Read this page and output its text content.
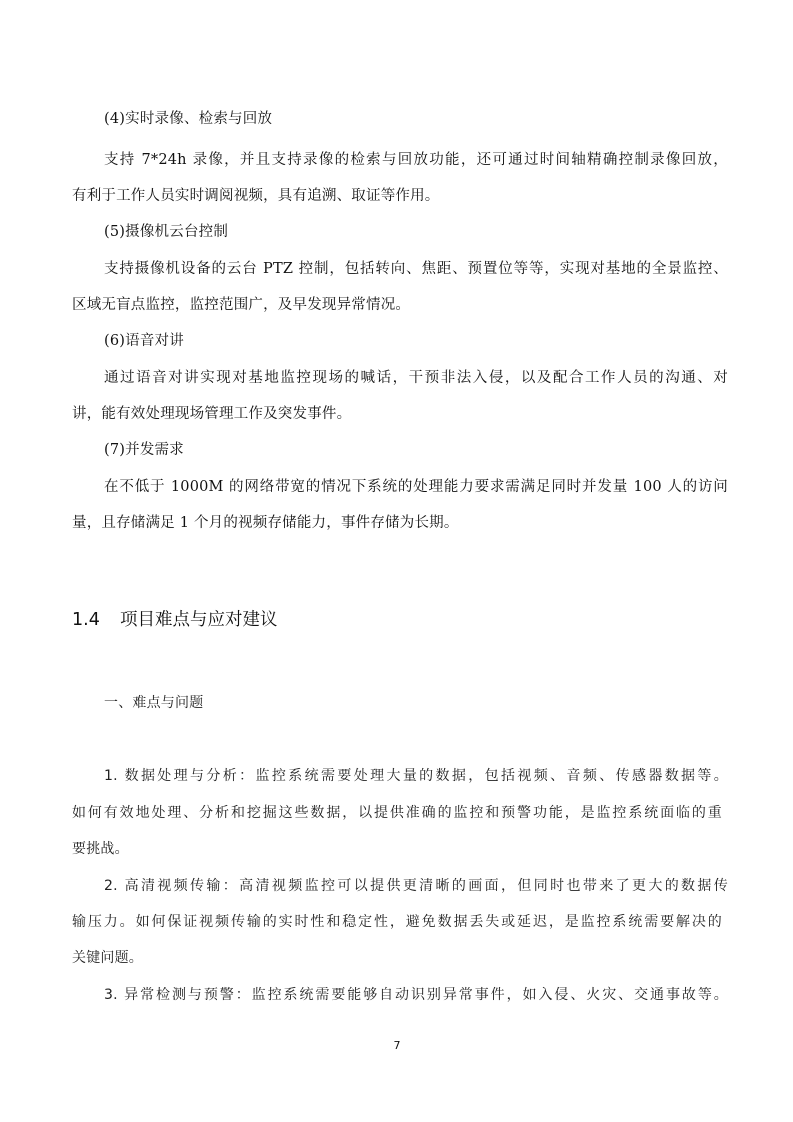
(4)实时录像、检索与回放
支持 7*24h 录像，并且支持录像的检索与回放功能，还可通过时间轴精确控制录像回放，
有利于工作人员实时调阅视频，具有追溯、取证等作用。
(5)摄像机云台控制
支持摄像机设备的云台 PTZ 控制，包括转向、焦距、预置位等等，实现对基地的全景监控、
区域无盲点监控，监控范围广，及早发现异常情况。
(6)语音对讲
通过语音对讲实现对基地监控现场的喊话，干预非法入侵，以及配合工作人员的沟通、对
讲，能有效处理现场管理工作及突发事件。
(7)并发需求
在不低于 1000M 的网络带宽的情况下系统的处理能力要求需满足同时并发量 100 人的访问
量，且存储满足 1 个月的视频存储能力，事件存储为长期。
1.4 项目难点与应对建议
一、难点与问题
1. 数据处理与分析：监控系统需要处理大量的数据，包括视频、音频、传感器数据等。
如何有效地处理、分析和挖掘这些数据，以提供准确的监控和预警功能，是监控系统面临的重
要挑战。
2. 高清视频传输：高清视频监控可以提供更清晰的画面，但同时也带来了更大的数据传
输压力。如何保证视频传输的实时性和稳定性，避免数据丢失或延迟，是监控系统需要解决的
关键问题。
3. 异常检测与预警：监控系统需要能够自动识别异常事件，如入侵、火灾、交通事故等。
7
